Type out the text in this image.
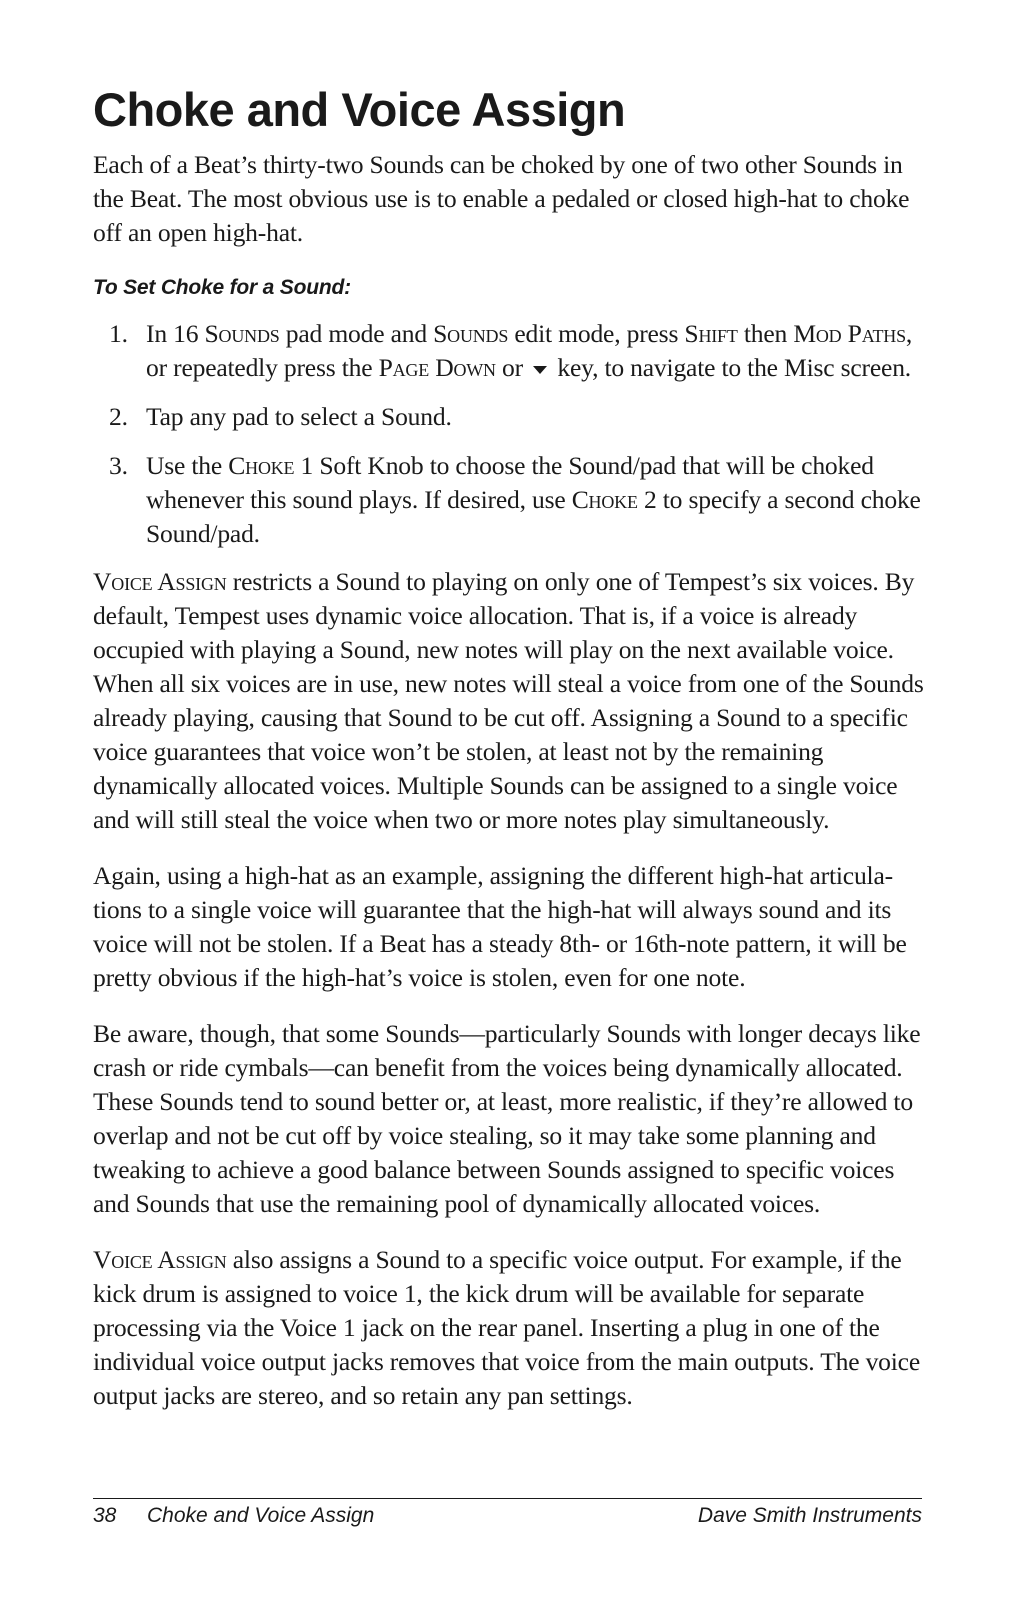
Choke and Voice Assign

Each of a Beat’s thirty-two Sounds can be choked by one of two other Sounds in the Beat. The most obvious use is to enable a pedaled or closed high-hat to choke off an open high-hat.

To Set Choke for a Sound:
1. In 16 Sounds pad mode and Sounds edit mode, press Shift then Mod Paths, or repeatedly press the Page Down or  key, to navigate to the Misc screen.
2. Tap any pad to select a Sound.
3. Use the Choke 1 Soft Knob to choose the Sound/pad that will be choked whenever this sound plays. If desired, use Choke 2 to specify a second choke Sound/pad.

Voice Assign restricts a Sound to playing on only one of Tempest’s six voices. By default, Tempest uses dynamic voice allocation. That is, if a voice is already occupied with playing a Sound, new notes will play on the next available voice. When all six voices are in use, new notes will steal a voice from one of the Sounds already playing, causing that Sound to be cut off. Assigning a Sound to a specific voice guarantees that voice won’t be stolen, at least not by the remaining dynamically allocated voices. Multiple Sounds can be assigned to a single voice and will still steal the voice when two or more notes play simultaneously.

Again, using a high-hat as an example, assigning the different high-hat articulations to a single voice will guarantee that the high-hat will always sound and its voice will not be stolen. If a Beat has a steady 8th- or 16th-note pattern, it will be pretty obvious if the high-hat’s voice is stolen, even for one note.

Be aware, though, that some Sounds—particularly Sounds with longer decays like crash or ride cymbals—can benefit from the voices being dynamically allocated. These Sounds tend to sound better or, at least, more realistic, if they’re allowed to overlap and not be cut off by voice stealing, so it may take some planning and tweaking to achieve a good balance between Sounds assigned to specific voices and Sounds that use the remaining pool of dynamically allocated voices.

Voice Assign also assigns a Sound to a specific voice output. For example, if the kick drum is assigned to voice 1, the kick drum will be available for separate processing via the Voice 1 jack on the rear panel. Inserting a plug in one of the individual voice output jacks removes that voice from the main outputs. The voice output jacks are stereo, and so retain any pan settings.

38 Choke and Voice Assign	Dave Smith Instruments
